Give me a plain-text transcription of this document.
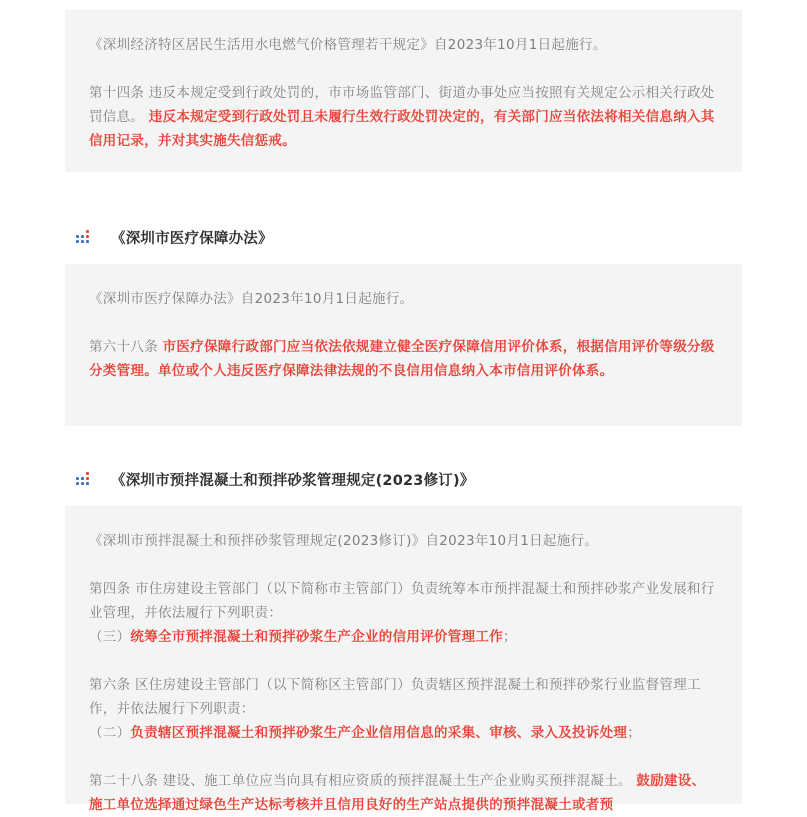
《深圳经济特区居民生活用水电燃气价格管理若干规定》自2023年10月1日起施行。

第十四条 违反本规定受到行政处罚的，市市场监管部门、街道办事处应当按照有关规定公示相关行政处罚信息。 违反本规定受到行政处罚且未履行生效行政处罚决定的，有关部门应当依法将相关信息纳入其信用记录，并对其实施失信惩戒。

《深圳市医疗保障办法》

《深圳市医疗保障办法》自2023年10月1日起施行。

第六十八条 市医疗保障行政部门应当依法依规建立健全医疗保障信用评价体系，根据信用评价等级分级分类管理。单位或个人违反医疗保障法律法规的不良信用信息纳入本市信用评价体系。

《深圳市预拌混凝土和预拌砂浆管理规定(2023修订)》

《深圳市预拌混凝土和预拌砂浆管理规定(2023修订)》自2023年10月1日起施行。

第四条 市住房建设主管部门（以下简称市主管部门）负责统筹本市预拌混凝土和预拌砂浆产业发展和行业管理，并依法履行下列职责：

（三）统筹全市预拌混凝土和预拌砂浆生产企业的信用评价管理工作；

第六条 区住房建设主管部门（以下简称区主管部门）负责辖区预拌混凝土和预拌砂浆行业监督管理工作，并依法履行下列职责：

（二）负责辖区预拌混凝土和预拌砂浆生产企业信用信息的采集、审核、录入及投诉处理；

第二十八条 建设、施工单位应当向具有相应资质的预拌混凝土生产企业购买预拌混凝土。 鼓励建设、施工单位选择通过绿色生产达标考核并且信用良好的生产站点提供的预拌混凝土或者预
